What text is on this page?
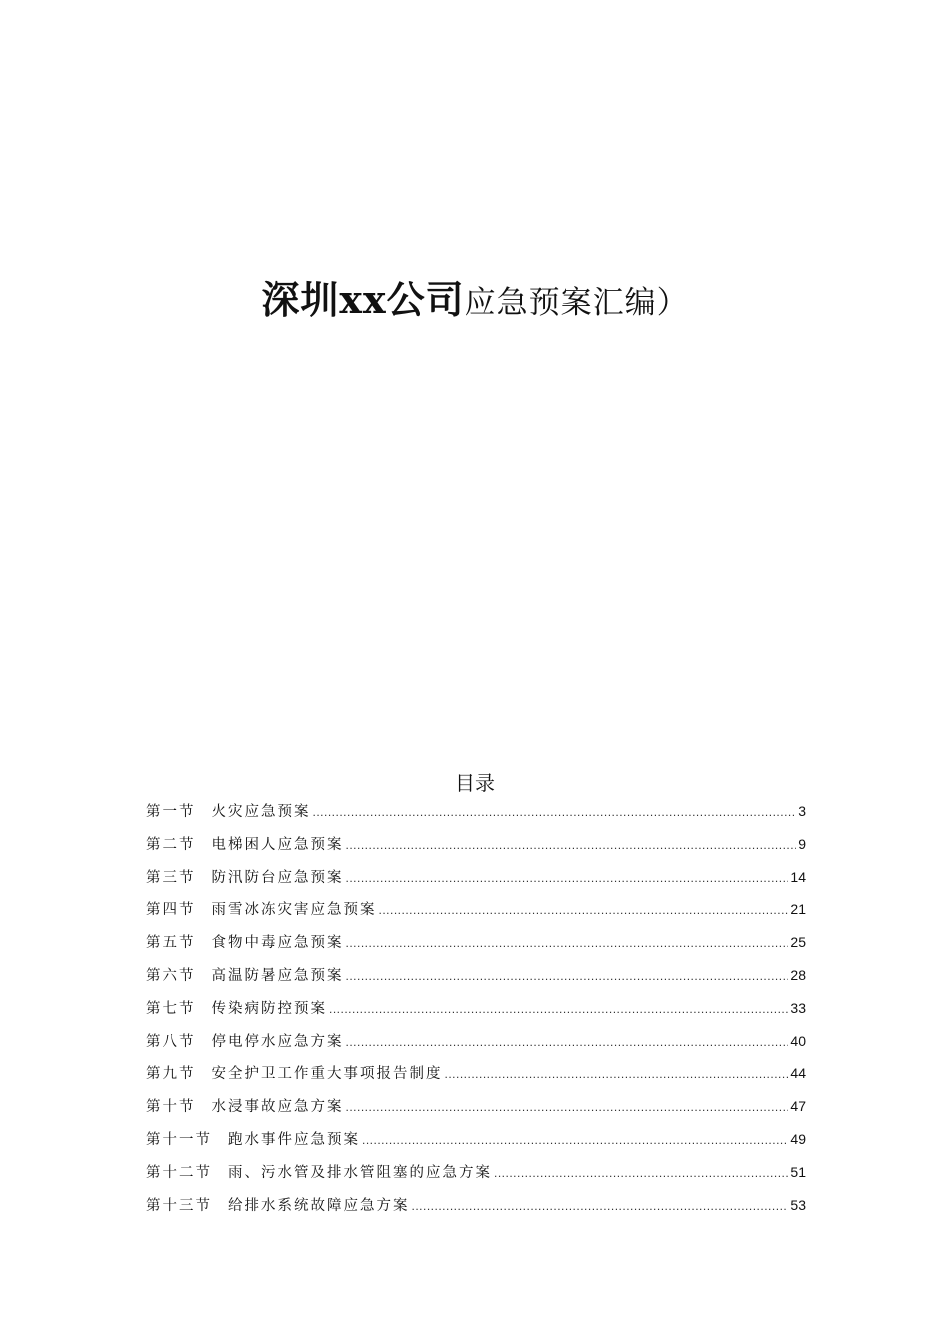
深圳xx公司应急预案汇编）
目录
第一节	火灾应急预案 .....	3
第二节	电梯困人应急预案 .....	9
第三节	防汛防台应急预案 .....	14
第四节	雨雪冰冻灾害应急预案 .....	21
第五节	食物中毒应急预案 .....	25
第六节	高温防暑应急预案 .....	28
第七节	传染病防控预案 .....	33
第八节	停电停水应急方案 .....	40
第九节	安全护卫工作重大事项报告制度 .....	44
第十节	水浸事故应急方案 .....	47
第十一节	跑水事件应急预案 .....	49
第十二节	雨、污水管及排水管阻塞的应急方案 .....	51
第十三节	给排水系统故障应急方案 .....	53
